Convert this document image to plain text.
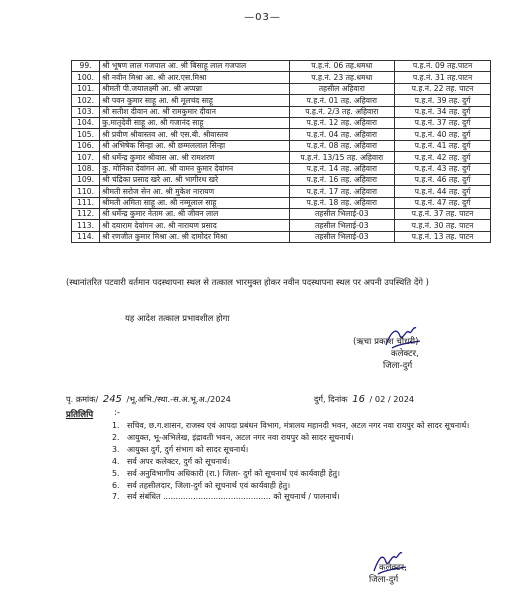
—03—
99.	श्री भूषण लाल गजपाल आ. श्री बिसाहू लाल गजपाल	प.ह.नं. 06 तह.धमधा	प.ह.नं. 09 तह.पाटन
100.	श्री नवीन मिश्रा आ. श्री आर.एस.मिश्रा	प.ह.नं. 23 तह.धमधा	प.ह.नं. 31 तह.पाटन
101.	श्रीमती पी.जयालक्ष्मी आ. श्री अप्पन्ना	तहसील अहिवारा	प.ह.नं. 22 तह. पाटन
102.	श्री पवन कुमार साहू आ. श्री मूलचंद साहू	प.ह.नं. 01 तह. अहिवारा	प.ह.नं. 39 तह. दुर्ग
103.	श्री सतीश दीवान आ. श्री रामकुमार दीवान	प.ह.नं. 2/3 तह. अहिवारा	प.ह.नं. 34 तह. दुर्ग
104.	कु.मातृदेवी साहू आ. श्री गजानंद साहू	प.ह.नं. 12 तह. अहिवारा	प.ह.नं. 37 तह. दुर्ग
105.	श्री प्रवीण श्रीवास्तव आ. श्री एस.बी. श्रीवास्तव	प.ह.नं. 04 तह. अहिवारा	प.ह.नं. 40 तह. दुर्ग
106.	श्री अभिषेक सिन्हा आ. श्री छम्मललाल सिन्हा	प.ह.नं. 08 तह. अहिवारा	प.ह.नं. 41 तह. दुर्ग
107.	श्री धर्मेन्द्र कुमार श्रीवास आ. श्री रामशरण	प.ह.नं. 13/15 तह. अहिवारा	प.ह.नं. 42 तह. दुर्ग
108.	कु. मोनिका देवांगन आ. श्री वामन कुमार देवांगन	प.ह.नं. 14 तह. अहिवारा	प.ह.नं. 43 तह. दुर्ग
109.	श्री चंद्रिका प्रसाद खरे आ. श्री भागीरथ खरे	प.ह.नं. 16 तह. अहिवारा	प.ह.नं. 46 तह. दुर्ग
110.	श्रीमती सरोज सेन आ. श्री मुकेश नारायण	प.ह.नं. 17 तह. अहिवारा	प.ह.नं. 44 तह. दुर्ग
111.	श्रीमती अमिता साहू आ. श्री नम्मूलाल साहू	प.ह.नं. 18 तह. अहिवारा	प.ह.नं. 47 तह. दुर्ग
112.	श्री धर्मेन्द्र कुमार नेताम आ. श्री जीवन लाल	तहसील भिलाई-03	प.ह.नं. 37 तह. पाटन
113.	श्री दयाराम देवांगन आ. श्री नारायण प्रसाद	तहसील भिलाई-03	प.ह.नं. 30 तह. पाटन
114.	श्री रणजीत कुमार मिश्रा आ. श्री दामोदर मिश्रा	तहसील भिलाई-03	प.ह.नं. 13 तह. पाटन
(स्थानांतरित पटवारी वर्तमान पदस्थापना स्थल से तत्काल भारमुक्त होकर नवीन पदस्थापना स्थल पर अपनी उपस्थिति देंगे )
यह आदेश तत्काल प्रभावशील होगा
(ऋचा प्रकाश चौधरी)
कलेक्टर,
जिला-दुर्ग
पृ. क्रमांक/ 245 /भू.अभि./स्था.-स.अ.भू.अ./2024	दुर्ग, दिनांक 16 / 02 / 2024
प्रतिलिपि :-
1. सचिव, छ.ग.शासन, राजस्व एवं आपदा प्रबंधन विभाग, मंत्रालय महानदी भवन, अटल नगर नवा रायपुर को सादर सूचनार्थ।
2. आयुक्त, भू-अभिलेख, इंद्रावती भवन, अटल नगर नवा रायपुर को सादर सूचनार्थ।
3. आयुक्त दुर्ग, दुर्ग संभाग को सादर सूचनार्थ।
4. सर्व अपर कलेक्टर, दुर्ग को सूचनार्थ।
5. सर्व अनुविभागीय अधिकारी (रा.) जिला- दुर्ग को सूचनार्थ एवं कार्यवाही हेतु।
6. सर्व तहसीलदार, जिला-दुर्ग को सूचनार्थ एवं कार्यवाही हेतु।
7. सर्व संबंधित ........................................... को सूचनार्थ / पालनार्थ।
कलेक्टर,
जिला-दुर्ग
